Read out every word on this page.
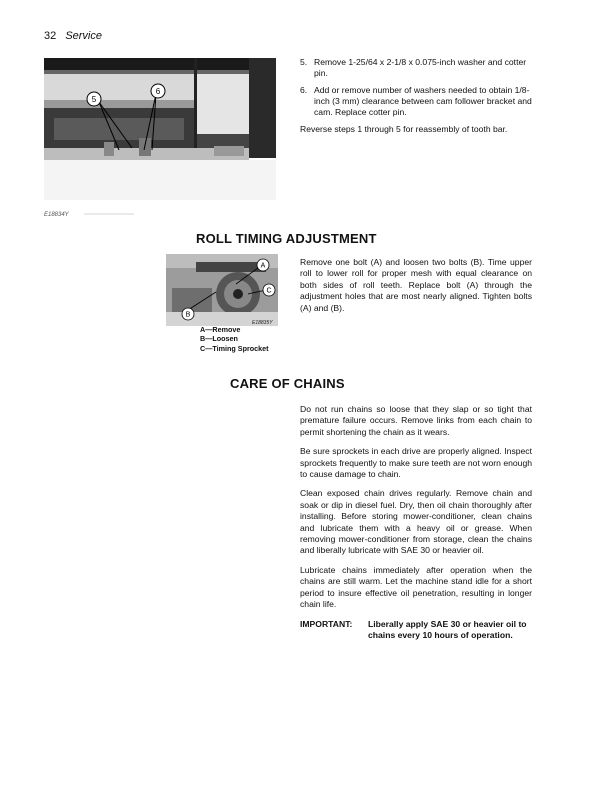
32 Service
5
6
E18834Y
5. Remove 1-25/64 x 2-1/8 x 0.075-inch washer and cotter pin.
6. Add or remove number of washers needed to obtain 1/8-inch (3 mm) clearance between cam follower bracket and cam. Replace cotter pin.
Reverse steps 1 through 5 for reassembly of tooth bar.
ROLL TIMING ADJUSTMENT
A
C
B
E18835Y
A—Remove
B—Loosen
C—Timing Sprocket
Remove one bolt (A) and loosen two bolts (B). Time upper roll to lower roll for proper mesh with equal clearance on both sides of roll teeth. Replace bolt (A) through the adjustment holes that are most nearly aligned. Tighten bolts (A) and (B).
CARE OF CHAINS

Do not run chains so loose that they slap or so tight that premature failure occurs. Remove links from each chain to permit shortening the chain as it wears.

Be sure sprockets in each drive are properly aligned. Inspect sprockets frequently to make sure teeth are not worn enough to cause damage to chain.

Clean exposed chain drives regularly. Remove chain and soak or dip in diesel fuel. Dry, then oil chain thoroughly after installing. Before storing mower-conditioner, clean chains and lubricate them with a heavy oil or grease. When removing mower-conditioner from storage, clean the chains and liberally lubricate with SAE 30 or heavier oil.

Lubricate chains immediately after operation when the chains are still warm. Let the machine stand idle for a short period to insure effective oil penetration, resulting in longer chain life.

IMPORTANT:	Liberally apply SAE 30 or heavier oil to chains every 10 hours of operation.
